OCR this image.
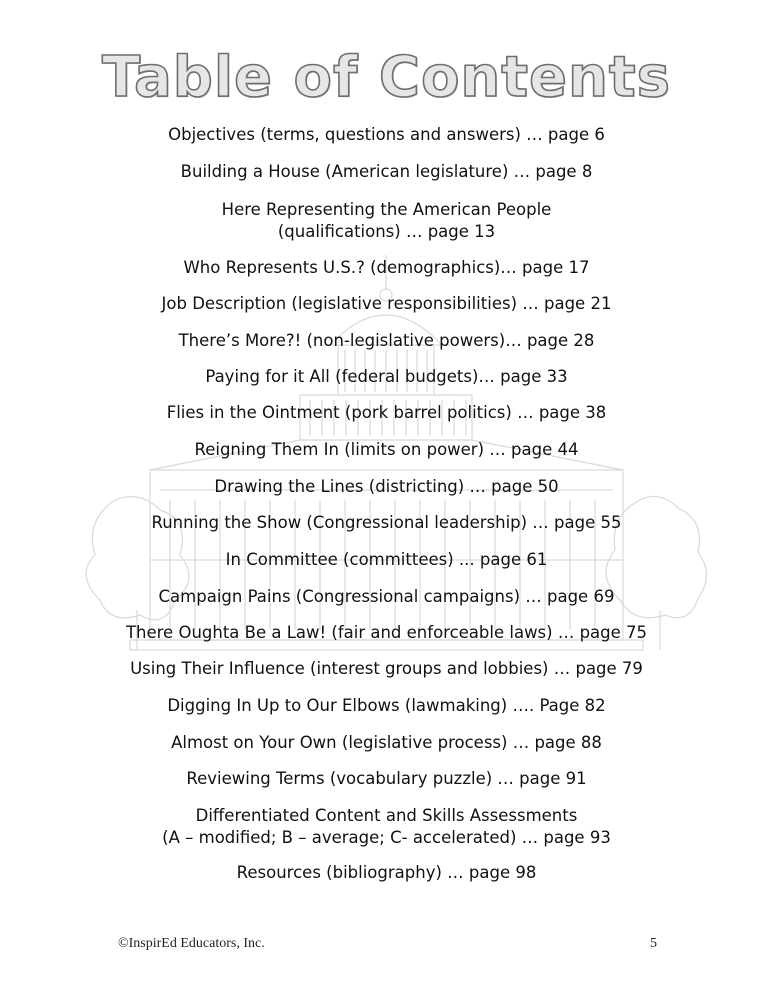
Table of Contents
Objectives (terms, questions and answers) … page 6
Building a House (American legislature) … page 8
Here Representing the American People
(qualifications) … page 13
Who Represents U.S.? (demographics)… page 17
Job Description (legislative responsibilities) … page 21
There’s More?! (non-legislative powers)… page 28
Paying for it All (federal budgets)… page 33
Flies in the Ointment (pork barrel politics) … page 38
Reigning Them In (limits on power) … page 44
Drawing the Lines (districting) … page 50
Running the Show (Congressional leadership) … page 55
In Committee (committees) ... page 61
Campaign Pains (Congressional campaigns) … page 69
There Oughta Be a Law! (fair and enforceable laws) … page 75
Using Their Influence (interest groups and lobbies) … page 79
Digging In Up to Our Elbows (lawmaking) …. Page 82
Almost on Your Own (legislative process) … page 88
Reviewing Terms (vocabulary puzzle) … page 91
Differentiated Content and Skills Assessments
(A – modified; B – average; C- accelerated) … page 93
Resources (bibliography) … page 98
©InspirEd Educators, Inc.	5
